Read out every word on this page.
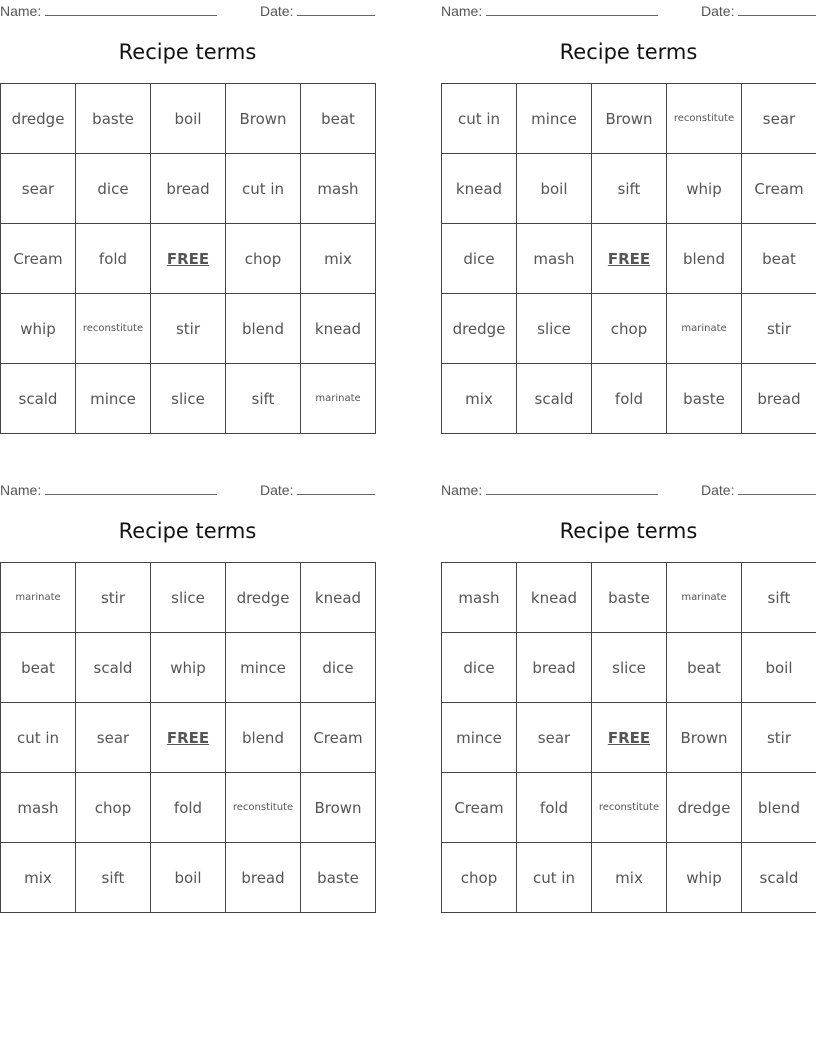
Name:	Date:
Recipe terms
dredge	baste	boil	Brown	beat
sear	dice	bread	cut in	mash
Cream	fold	FREE	chop	mix
whip	reconstitute	stir	blend	knead
scald	mince	slice	sift	marinate
Name:	Date:
Recipe terms
cut in	mince	Brown	reconstitute	sear
knead	boil	sift	whip	Cream
dice	mash	FREE	blend	beat
dredge	slice	chop	marinate	stir
mix	scald	fold	baste	bread
Name:	Date:
Recipe terms
marinate	stir	slice	dredge	knead
beat	scald	whip	mince	dice
cut in	sear	FREE	blend	Cream
mash	chop	fold	reconstitute	Brown
mix	sift	boil	bread	baste
Name:	Date:
Recipe terms
mash	knead	baste	marinate	sift
dice	bread	slice	beat	boil
mince	sear	FREE	Brown	stir
Cream	fold	reconstitute	dredge	blend
chop	cut in	mix	whip	scald
